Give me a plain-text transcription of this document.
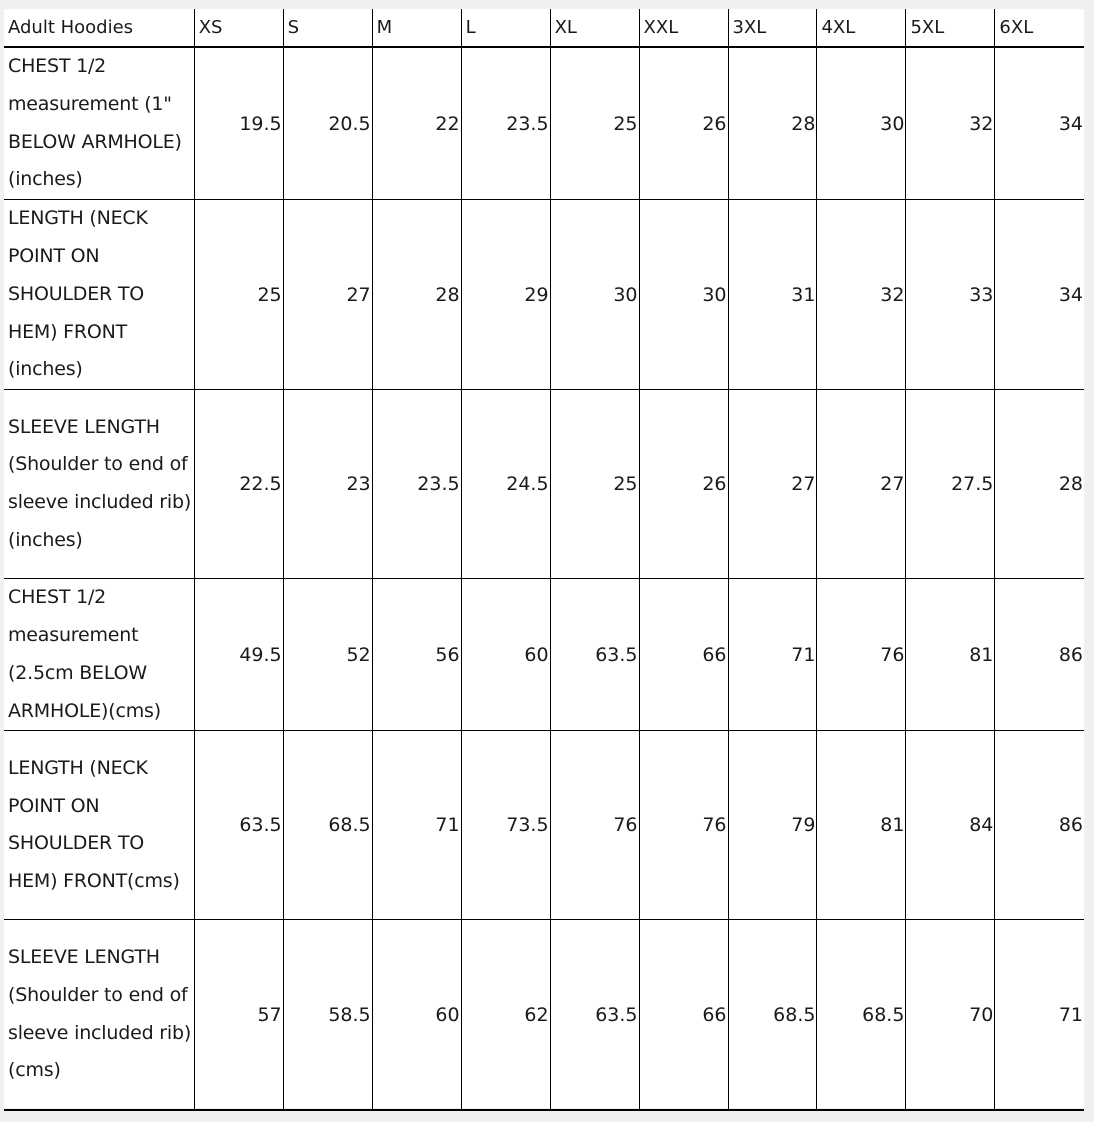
Adult Hoodies	XS	S	M	L	XL	XXL	3XL	4XL	5XL	6XL
CHEST 1/2 measurement (1" BELOW ARMHOLE) (inches)	19.5	20.5	22	23.5	25	26	28	30	32	34
LENGTH (NECK POINT ON SHOULDER TO HEM) FRONT (inches)	25	27	28	29	30	30	31	32	33	34
SLEEVE LENGTH (Shoulder to end of sleeve included rib) (inches)	22.5	23	23.5	24.5	25	26	27	27	27.5	28
CHEST 1/2 measurement (2.5cm BELOW ARMHOLE)(cms)	49.5	52	56	60	63.5	66	71	76	81	86
LENGTH (NECK POINT ON SHOULDER TO HEM) FRONT(cms)	63.5	68.5	71	73.5	76	76	79	81	84	86
SLEEVE LENGTH (Shoulder to end of sleeve included rib) (cms)	57	58.5	60	62	63.5	66	68.5	68.5	70	71
